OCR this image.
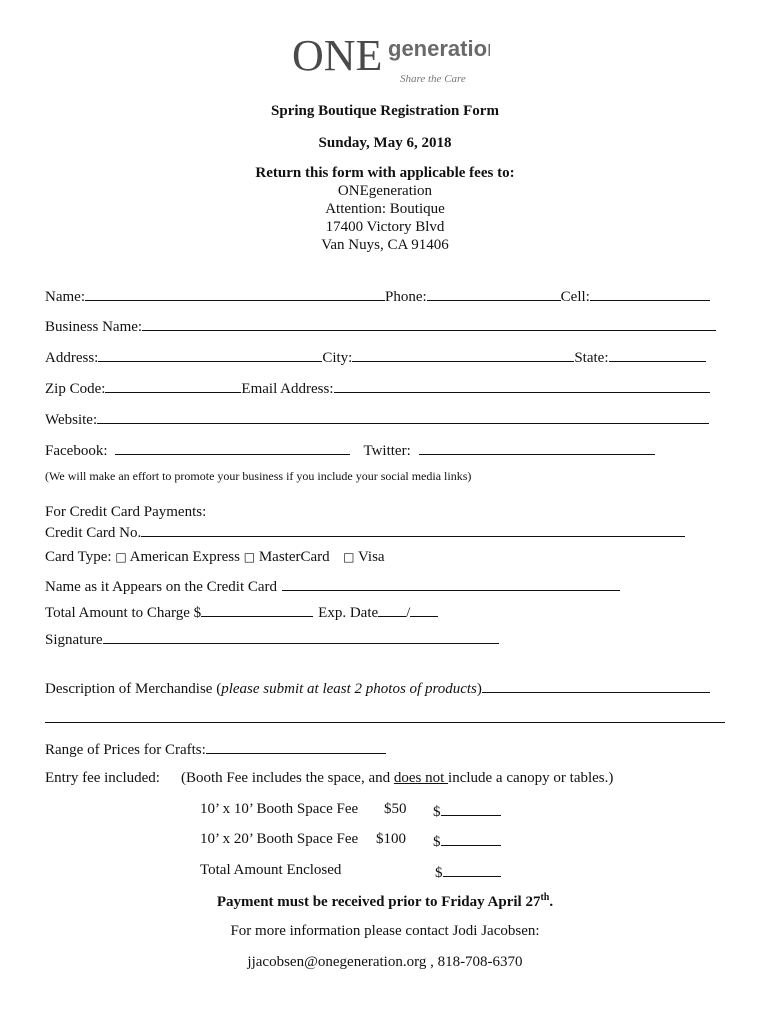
ONE generation
Share the Care
Spring Boutique Registration Form
Sunday, May 6, 2018
Return this form with applicable fees to:
ONEgeneration
Attention: Boutique
17400 Victory Blvd
Van Nuys, CA 91406
Name:	Phone:	Cell:
Business Name:
Address:	City:	State:
Zip Code:	Email Address:
Website:
Facebook:	Twitter:
(We will make an effort to promote your business if you include your social media links)
For Credit Card Payments:
Credit Card No.
Card Type: □ American Express □ MasterCard □ Visa
Name as it Appears on the Credit Card
Total Amount to Charge $	Exp. Date /
Signature
Description of Merchandise (please submit at least 2 photos of products)
Range of Prices for Crafts:
Entry fee included: (Booth Fee includes the space, and does not include a canopy or tables.)
10’ x 10’ Booth Space Fee $50 $
10’ x 20’ Booth Space Fee $100 $
Total Amount Enclosed	$
Payment must be received prior to Friday April 27th.
For more information please contact Jodi Jacobsen:
jjacobsen@onegeneration.org , 818-708-6370
